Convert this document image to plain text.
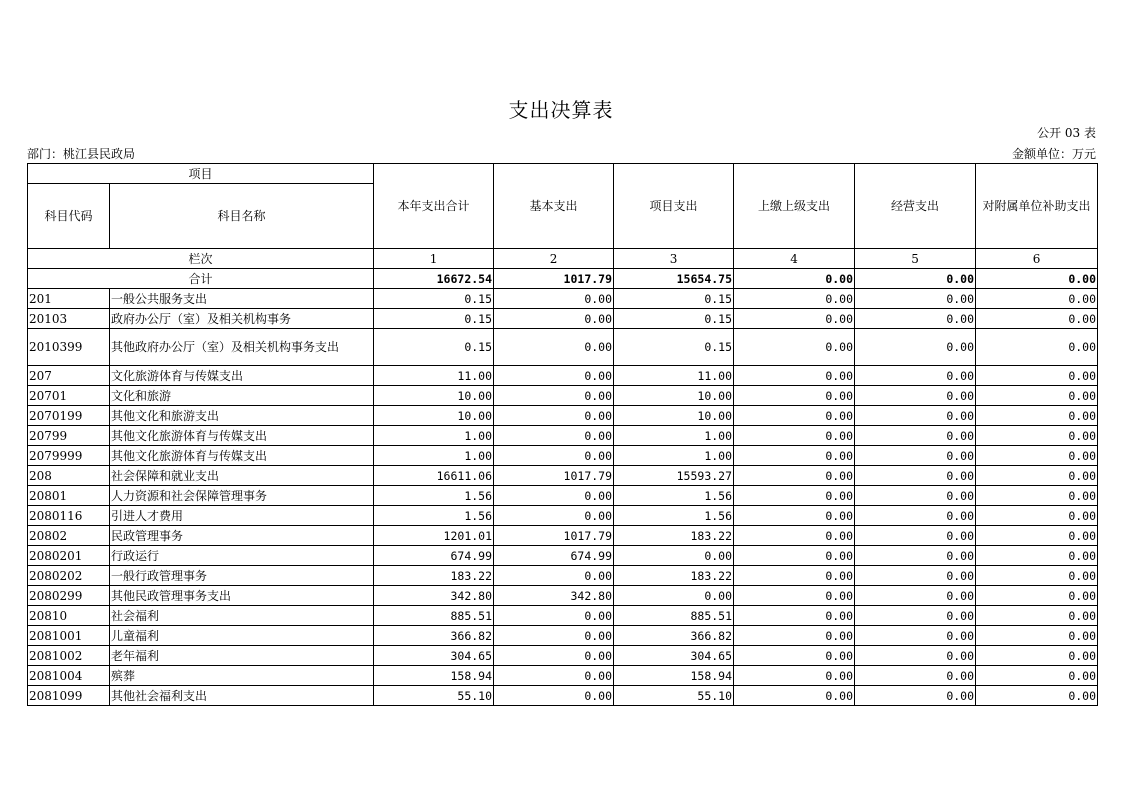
支出决算表
公开 03 表
部门：桃江县民政局	金额单位：万元
项目		本年支出合计	基本支出	项目支出	上缴上级支出	经营支出	对附属单位补助支出
科目代码	科目名称						
栏次		1	2	3	4	5	6
合计		16672.54	1017.79	15654.75	0.00	0.00	0.00
201	一般公共服务支出	0.15	0.00	0.15	0.00	0.00	0.00
20103	政府办公厅（室）及相关机构事务	0.15	0.00	0.15	0.00	0.00	0.00
2010399	其他政府办公厅（室）及相关机构事务支出	0.15	0.00	0.15	0.00	0.00	0.00
207	文化旅游体育与传媒支出	11.00	0.00	11.00	0.00	0.00	0.00
20701	文化和旅游	10.00	0.00	10.00	0.00	0.00	0.00
2070199	其他文化和旅游支出	10.00	0.00	10.00	0.00	0.00	0.00
20799	其他文化旅游体育与传媒支出	1.00	0.00	1.00	0.00	0.00	0.00
2079999	其他文化旅游体育与传媒支出	1.00	0.00	1.00	0.00	0.00	0.00
208	社会保障和就业支出	16611.06	1017.79	15593.27	0.00	0.00	0.00
20801	人力资源和社会保障管理事务	1.56	0.00	1.56	0.00	0.00	0.00
2080116	引进人才费用	1.56	0.00	1.56	0.00	0.00	0.00
20802	民政管理事务	1201.01	1017.79	183.22	0.00	0.00	0.00
2080201	行政运行	674.99	674.99	0.00	0.00	0.00	0.00
2080202	一般行政管理事务	183.22	0.00	183.22	0.00	0.00	0.00
2080299	其他民政管理事务支出	342.80	342.80	0.00	0.00	0.00	0.00
20810	社会福利	885.51	0.00	885.51	0.00	0.00	0.00
2081001	儿童福利	366.82	0.00	366.82	0.00	0.00	0.00
2081002	老年福利	304.65	0.00	304.65	0.00	0.00	0.00
2081004	殡葬	158.94	0.00	158.94	0.00	0.00	0.00
2081099	其他社会福利支出	55.10	0.00	55.10	0.00	0.00	0.00
